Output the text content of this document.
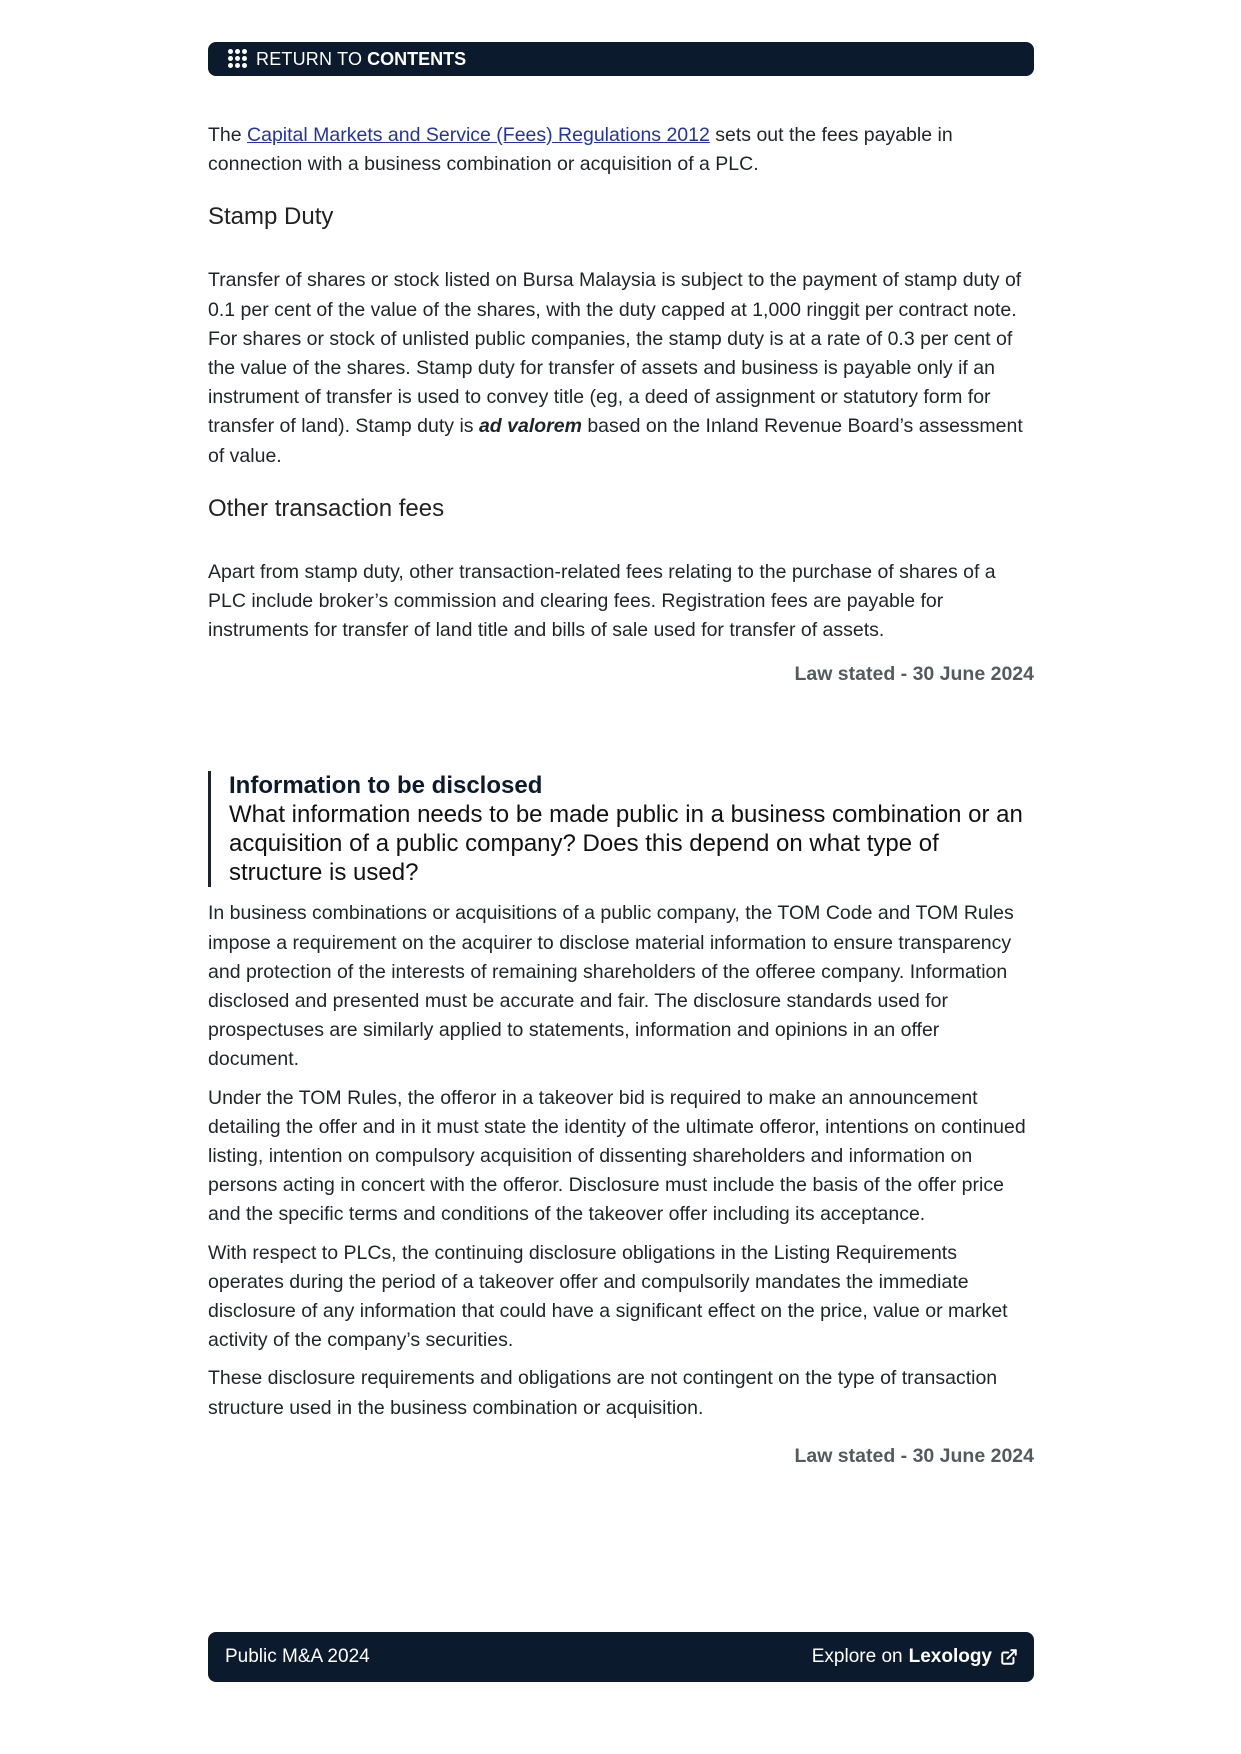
RETURN TO CONTENTS

The Capital Markets and Service (Fees) Regulations 2012 sets out the fees payable in connection with a business combination or acquisition of a PLC.

Stamp Duty

Transfer of shares or stock listed on Bursa Malaysia is subject to the payment of stamp duty of 0.1 per cent of the value of the shares, with the duty capped at 1,000 ringgit per contract note. For shares or stock of unlisted public companies, the stamp duty is at a rate of 0.3 per cent of the value of the shares. Stamp duty for transfer of assets and business is payable only if an instrument of transfer is used to convey title (eg, a deed of assignment or statutory form for transfer of land). Stamp duty is ad valorem based on the Inland Revenue Board’s assessment of value.

Other transaction fees

Apart from stamp duty, other transaction-related fees relating to the purchase of shares of a PLC include broker’s commission and clearing fees. Registration fees are payable for instruments for transfer of land title and bills of sale used for transfer of assets.

Law stated - 30 June 2024
Information to be disclosed
What information needs to be made public in a business combination or an acquisition of a public company? Does this depend on what type of structure is used?

In business combinations or acquisitions of a public company, the TOM Code and TOM Rules impose a requirement on the acquirer to disclose material information to ensure transparency and protection of the interests of remaining shareholders of the offeree company. Information disclosed and presented must be accurate and fair. The disclosure standards used for prospectuses are similarly applied to statements, information and opinions in an offer document.

Under the TOM Rules, the offeror in a takeover bid is required to make an announcement detailing the offer and in it must state the identity of the ultimate offeror, intentions on continued listing, intention on compulsory acquisition of dissenting shareholders and information on persons acting in concert with the offeror. Disclosure must include the basis of the offer price and the specific terms and conditions of the takeover offer including its acceptance.

With respect to PLCs, the continuing disclosure obligations in the Listing Requirements operates during the period of a takeover offer and compulsorily mandates the immediate disclosure of any information that could have a significant effect on the price, value or market activity of the company’s securities.

These disclosure requirements and obligations are not contingent on the type of transaction structure used in the business combination or acquisition.

Law stated - 30 June 2024
Public M&A 2024	Explore on Lexology
